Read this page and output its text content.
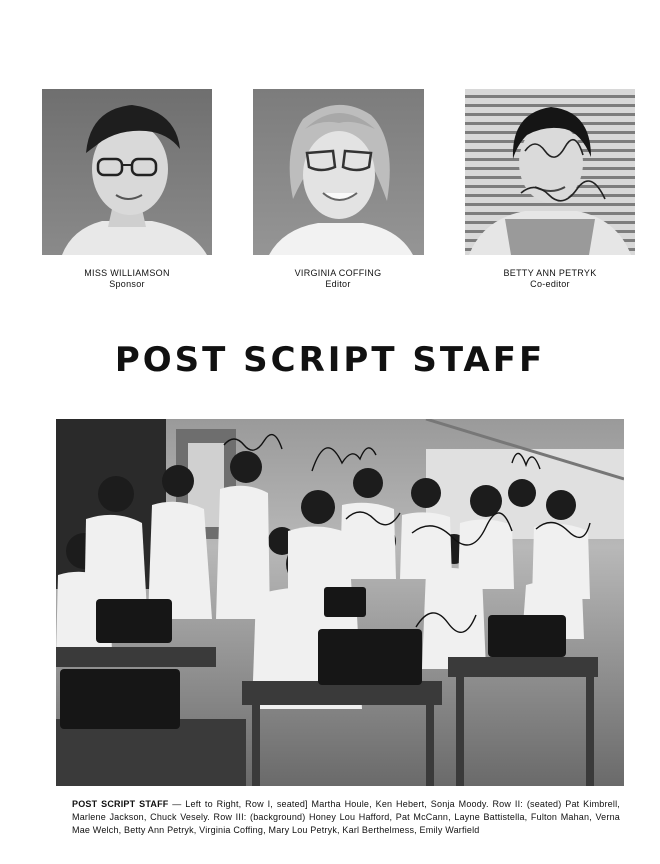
MISS WILLIAMSON
Sponsor
VIRGINIA COFFING
Editor
BETTY ANN PETRYK
Co-editor
POST SCRIPT STAFF
POST SCRIPT STAFF — Left to Right, Row I, seated] Martha Houle, Ken Hebert, Sonja Moody. Row II: (seated) Pat Kimbrell, Marlene Jackson, Chuck Vesely. Row III: (background) Honey Lou Hafford, Pat McCann, Layne Battistella, Fulton Mahan, Verna Mae Welch, Betty Ann Petryk, Virginia Coffing, Mary Lou Petryk, Karl Berthelmess, Emily Warfield
